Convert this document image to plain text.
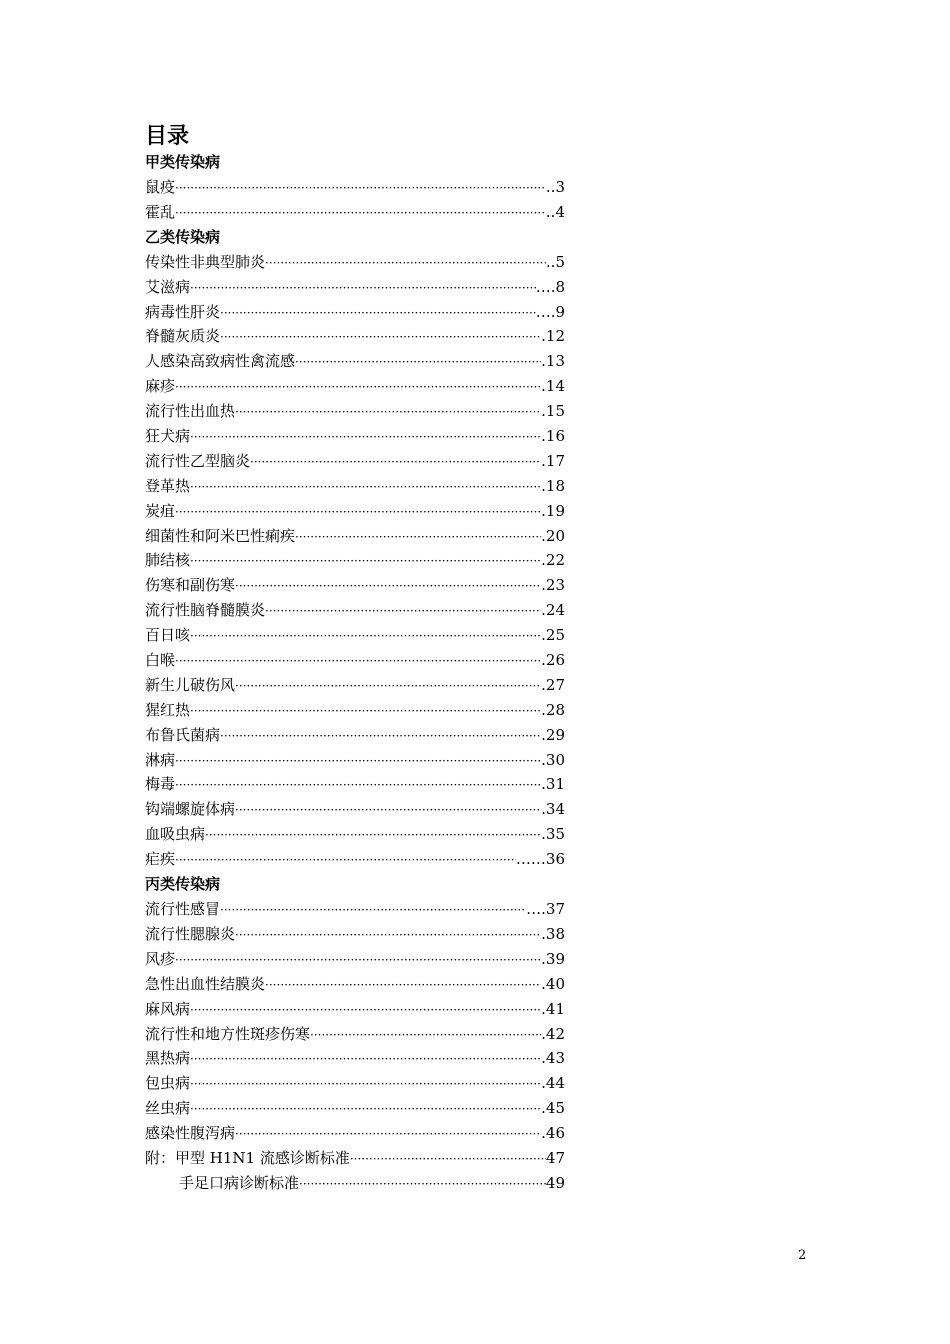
目录
甲类传染病
鼠疫 ·····	..3
霍乱 ·····	..4
乙类传染病
传染性非典型肺炎 ·····	..5
艾滋病 ·····	….8
病毒性肝炎 ·····	….9
脊髓灰质炎 ·····	.12
人感染高致病性禽流感 ·····	.13
麻疹 ·····	.14
流行性出血热 ·····	.15
狂犬病 ·····	.16
流行性乙型脑炎 ·····	.17
登革热 ·····	.18
炭疽 ·····	.19
细菌性和阿米巴性痢疾 ·····	.20
肺结核 ·····	.22
伤寒和副伤寒 ·····	.23
流行性脑脊髓膜炎 ·····	.24
百日咳 ·····	.25
白喉 ·····	.26
新生儿破伤风 ·····	.27
猩红热 ·····	.28
布鲁氏菌病 ·····	.29
淋病 ·····	.30
梅毒 ·····	.31
钩端螺旋体病 ·····	.34
血吸虫病 ·····	.35
疟疾 ·····	……36
丙类传染病
流行性感冒 ·····	….37
流行性腮腺炎 ·····	.38
风疹 ·····	.39
急性出血性结膜炎 ·····	.40
麻风病 ·····	.41
流行性和地方性斑疹伤寒 ·····	.42
黑热病 ·····	.43
包虫病 ·····	.44
丝虫病 ·····	.45
感染性腹泻病 ·····	.46
附：甲型 H1N1 流感诊断标准 ·····	47
手足口病诊断标准 ·····	49
2
